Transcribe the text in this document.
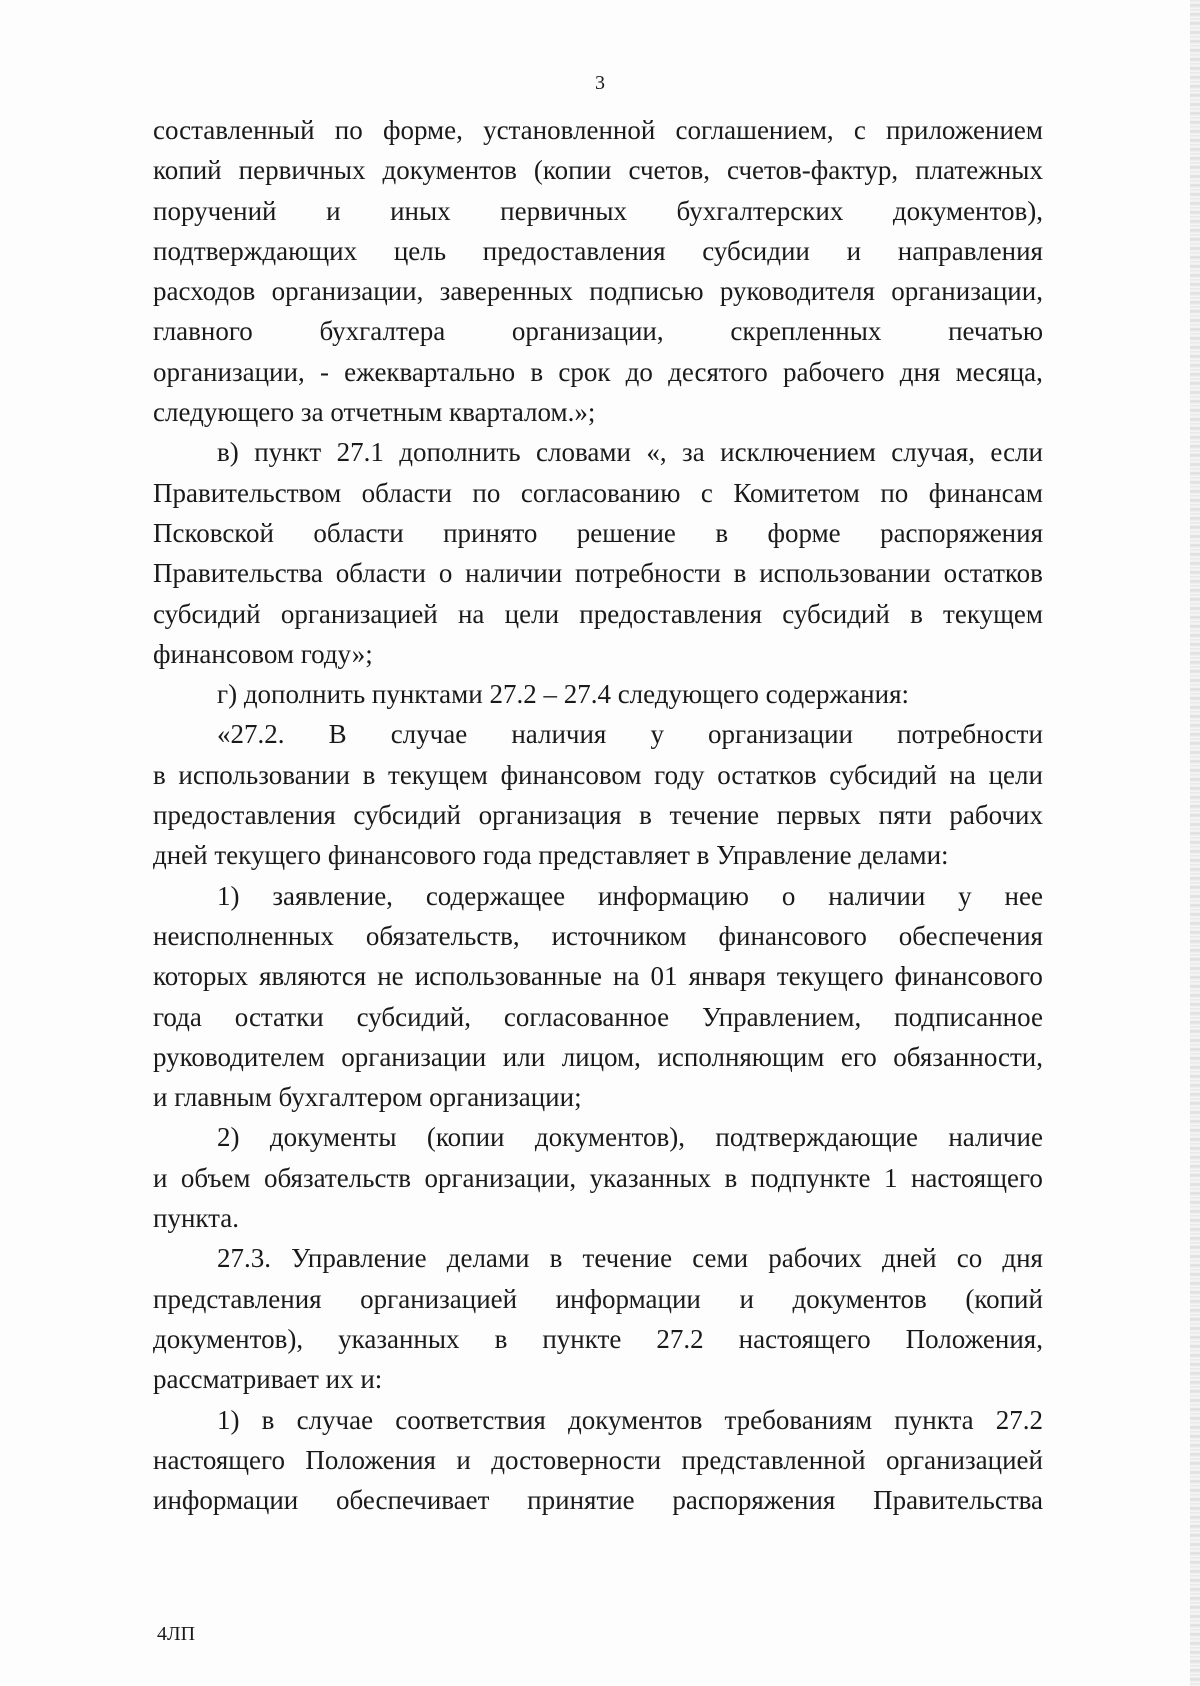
3
составленный по форме, установленной соглашением, с приложением
копий первичных документов (копии счетов, счетов-фактур, платежных
поручений и иных первичных бухгалтерских документов),
подтверждающих цель предоставления субсидии и направления
расходов организации, заверенных подписью руководителя организации,
главного бухгалтера организации, скрепленных печатью
организации, - ежеквартально в срок до десятого рабочего дня месяца,
следующего за отчетным кварталом.»;
в) пункт 27.1 дополнить словами «, за исключением случая, если
Правительством области по согласованию с Комитетом по финансам
Псковской области принято решение в форме распоряжения
Правительства области о наличии потребности в использовании остатков
субсидий организацией на цели предоставления субсидий в текущем
финансовом году»;
г) дополнить пунктами 27.2 – 27.4 следующего содержания:
«27.2. В случае наличия у организации потребности
в использовании в текущем финансовом году остатков субсидий на цели
предоставления субсидий организация в течение первых пяти рабочих
дней текущего финансового года представляет в Управление делами:
1) заявление, содержащее информацию о наличии у нее
неисполненных обязательств, источником финансового обеспечения
которых являются не использованные на 01 января текущего финансового
года остатки субсидий, согласованное Управлением, подписанное
руководителем организации или лицом, исполняющим его обязанности,
и главным бухгалтером организации;
2) документы (копии документов), подтверждающие наличие
и объем обязательств организации, указанных в подпункте 1 настоящего
пункта.
27.3. Управление делами в течение семи рабочих дней со дня
представления организацией информации и документов (копий
документов), указанных в пункте 27.2 настоящего Положения,
рассматривает их и:
1) в случае соответствия документов требованиям пункта 27.2
настоящего Положения и достоверности представленной организацией
информации обеспечивает принятие распоряжения Правительства
4ЛП
